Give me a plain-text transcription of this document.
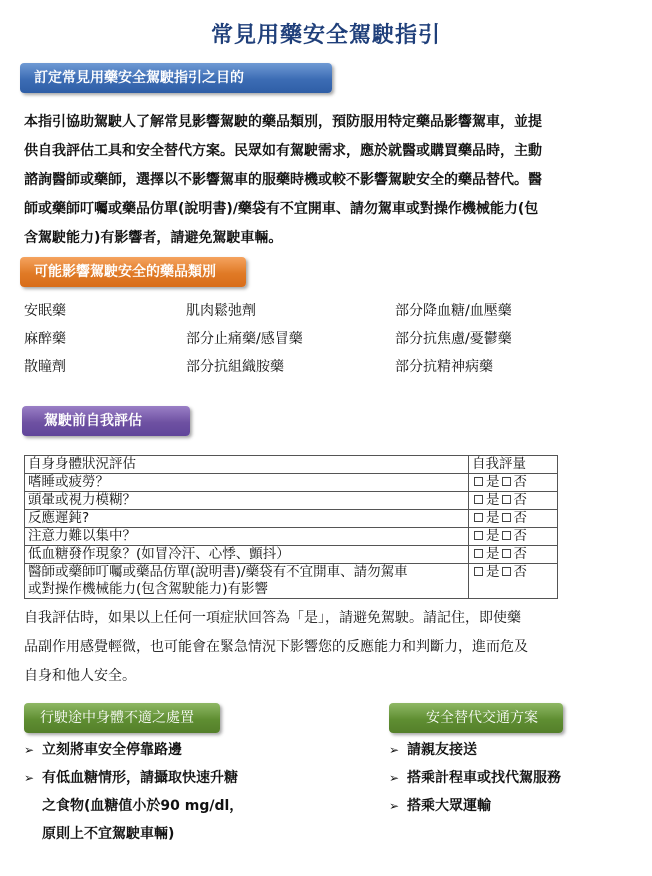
常見用藥安全駕駛指引
訂定常見用藥安全駕駛指引之目的
本指引協助駕駛人了解常見影響駕駛的藥品類別，預防服用特定藥品影響駕車，並提
供自我評估工具和安全替代方案。民眾如有駕駛需求，應於就醫或購買藥品時，主動
諮詢醫師或藥師，選擇以不影響駕車的服藥時機或較不影響駕駛安全的藥品替代。醫
師或藥師叮囑或藥品仿單(說明書)/藥袋有不宜開車、請勿駕車或對操作機械能力(包
含駕駛能力)有影響者，請避免駕駛車輛。
可能影響駕駛安全的藥品類別
安眠藥	肌肉鬆弛劑	部分降血糖/血壓藥
麻醉藥	部分止痛藥/感冒藥	部分抗焦慮/憂鬱藥
散瞳劑	部分抗組織胺藥	部分抗精神病藥
駕駛前自我評估
自身身體狀況評估	自我評量
嗜睡或疲勞？	是 否
頭暈或視力模糊？	是 否
反應遲鈍?	是 否
注意力難以集中？	是 否
低血糖發作現象？(如冒冷汗、心悸、顫抖）	是 否

醫師或藥師叮囑或藥品仿單(說明書)/藥袋有不宜開車、請勿駕車
或對操作機械能力(包含駕駛能力)有影響	是 否
自我評估時，如果以上任何一項症狀回答為「是」，請避免駕駛。請記住，即使藥
品副作用感覺輕微，也可能會在緊急情況下影響您的反應能力和判斷力，進而危及
自身和他人安全。
行駛途中身體不適之處置	安全替代交通方案
➢ 立刻將車安全停靠路邊
➢ 有低血糖情形，請攝取快速升糖
之食物(血糖值小於90 mg/dl，
原則上不宜駕駛車輛)
➢ 請親友接送
➢ 搭乘計程車或找代駕服務
➢ 搭乘大眾運輸
